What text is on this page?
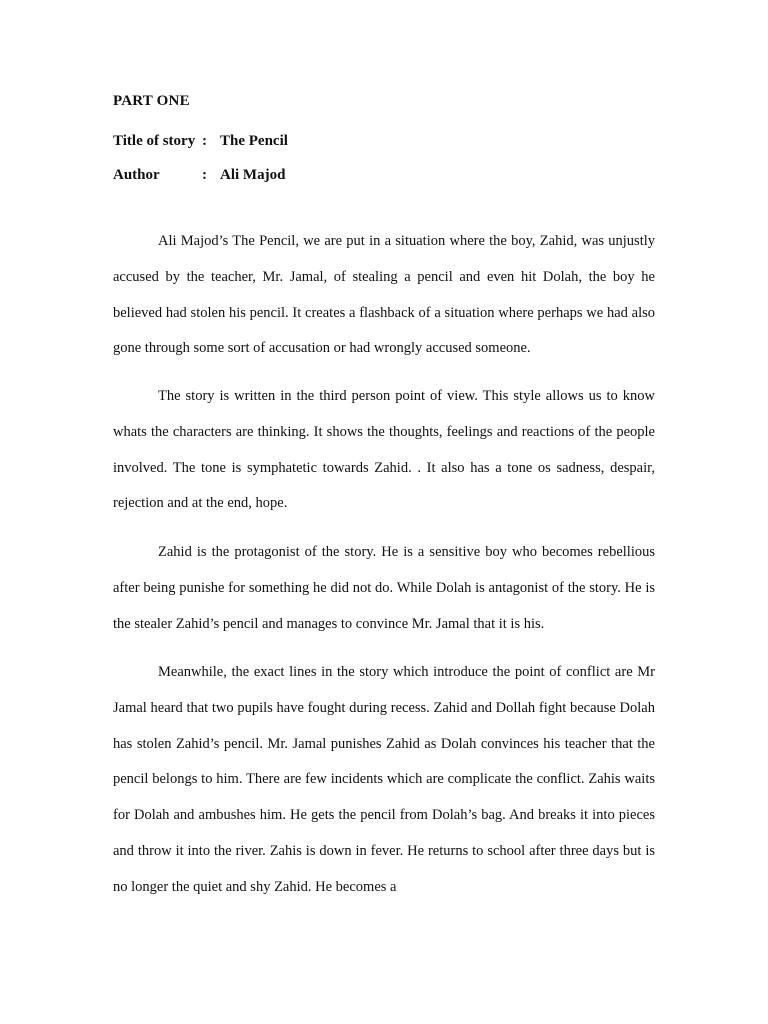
PART ONE
Title of story : The Pencil
Author	: Ali Majod

Ali Majod’s The Pencil, we are put in a situation where the boy, Zahid, was unjustly accused by the teacher, Mr. Jamal, of stealing a pencil and even hit Dolah, the boy he believed had stolen his pencil. It creates a flashback of a situation where perhaps we had also gone through some sort of accusation or had wrongly accused someone.

The story is written in the third person point of view. This style allows us to know whats the characters are thinking. It shows the thoughts, feelings and reactions of the people involved. The tone is symphatetic towards Zahid. . It also has a tone os sadness, despair, rejection and at the end, hope.

Zahid is the protagonist of the story. He is a sensitive boy who becomes rebellious after being punishe for something he did not do. While Dolah is antagonist of the story. He is the stealer Zahid’s pencil and manages to convince Mr. Jamal that it is his.

Meanwhile, the exact lines in the story which introduce the point of conflict are Mr Jamal heard that two pupils have fought during recess. Zahid and Dollah fight because Dolah has stolen Zahid’s pencil. Mr. Jamal punishes Zahid as Dolah convinces his teacher that the pencil belongs to him. There are few incidents which are complicate the conflict. Zahis waits for Dolah and ambushes him. He gets the pencil from Dolah’s bag. And breaks it into pieces and throw it into the river. Zahis is down in fever. He returns to school after three days but is no longer the quiet and shy Zahid. He becomes a
